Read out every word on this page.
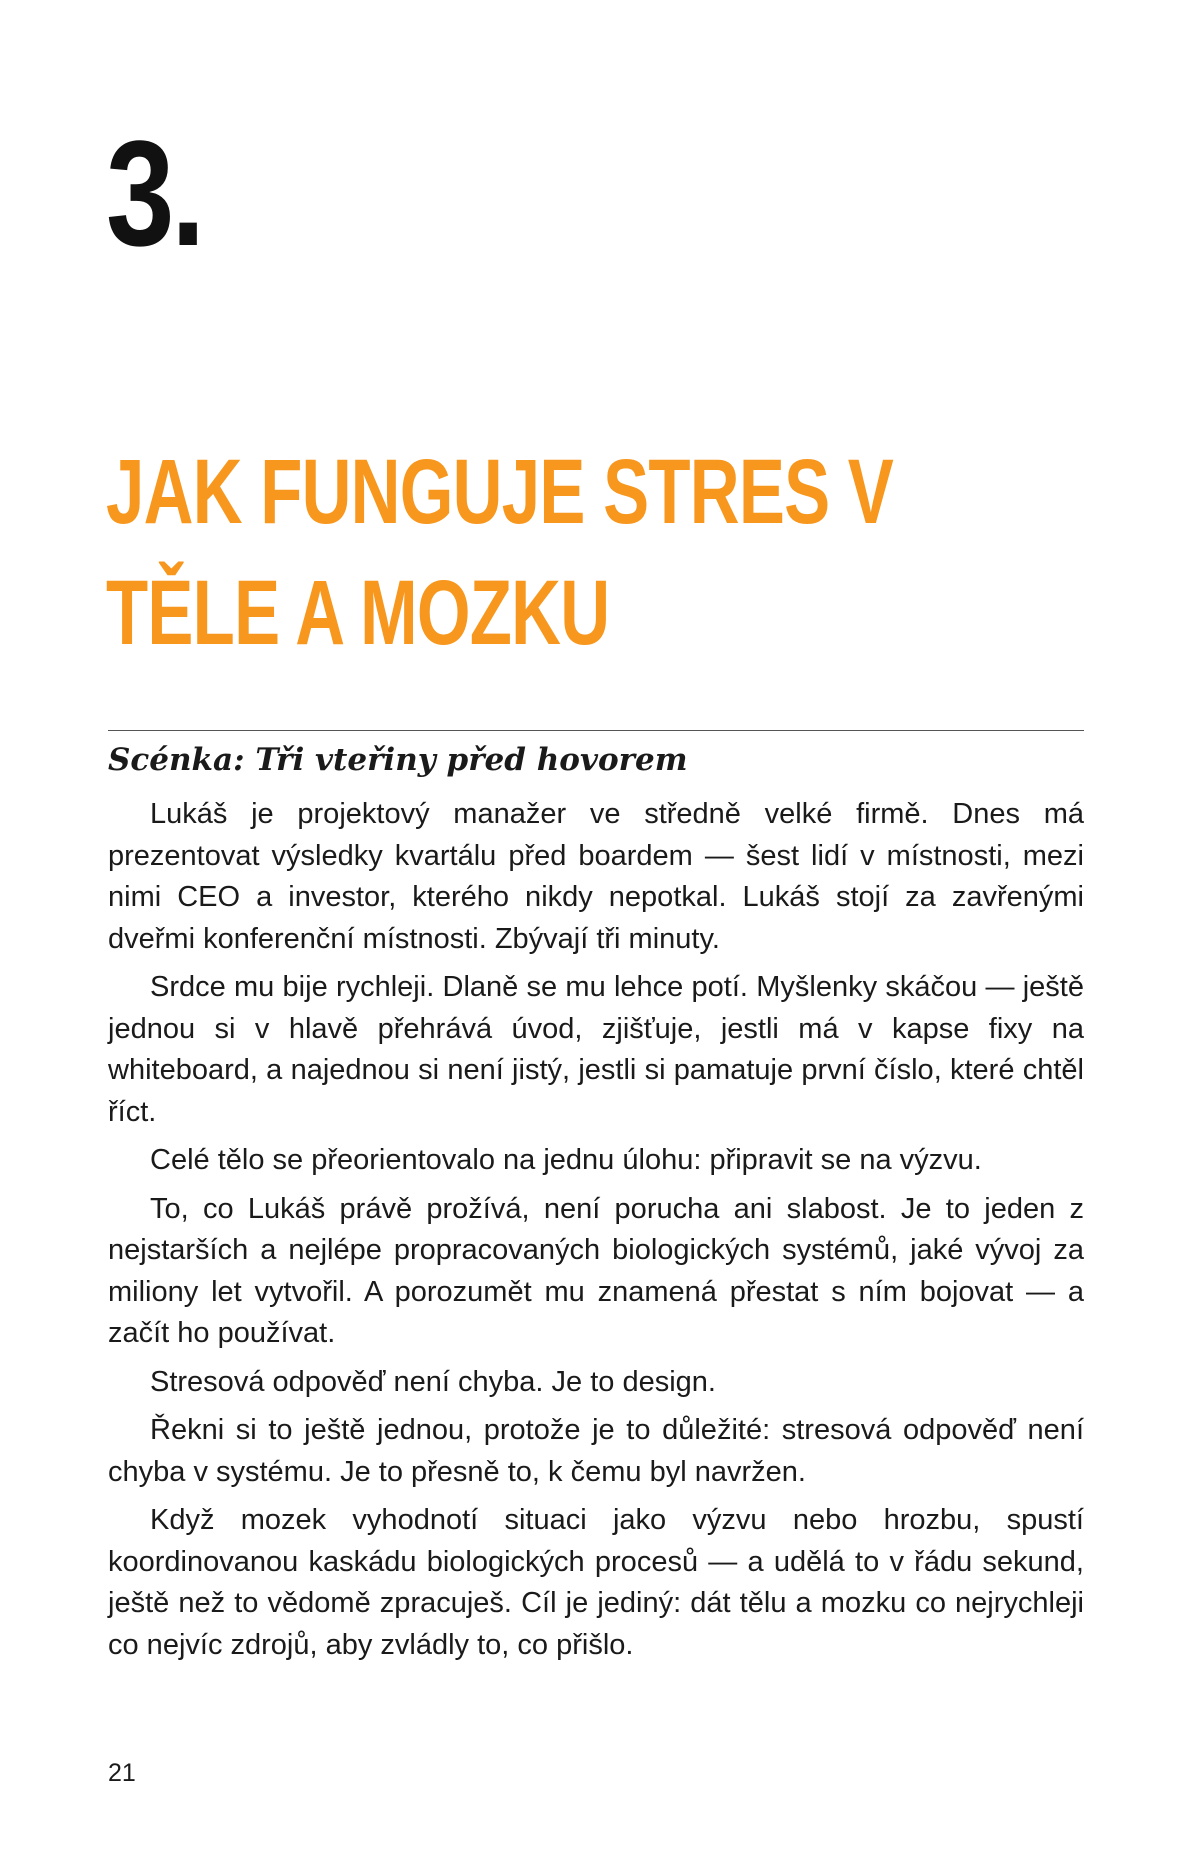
3.
JAK FUNGUJE STRES V
TĚLE A MOZKU
Scénka: Tři vteřiny před hovorem

Lukáš je projektový manažer ve středně velké firmě. Dnes má prezentovat výsledky kvartálu před boardem — šest lidí v místnosti, mezi nimi CEO a investor, kterého nikdy nepotkal. Lukáš stojí za zavřenými dveřmi konferenční místnosti. Zbývají tři minuty.

Srdce mu bije rychleji. Dlaně se mu lehce potí. Myšlenky skáčou — ještě jednou si v hlavě přehrává úvod, zjišťuje, jestli má v kapse fixy na whiteboard, a najednou si není jistý, jestli si pamatuje první číslo, které chtěl říct.

Celé tělo se přeorientovalo na jednu úlohu: připravit se na výzvu.

To, co Lukáš právě prožívá, není porucha ani slabost. Je to jeden z nejstarších a nejlépe propracovaných biologických systémů, jaké vývoj za miliony let vytvořil. A porozumět mu znamená přestat s ním bojovat — a začít ho používat.

Stresová odpověď není chyba. Je to design.

Řekni si to ještě jednou, protože je to důležité: stresová odpověď není chyba v systému. Je to přesně to, k čemu byl navržen.

Když mozek vyhodnotí situaci jako výzvu nebo hrozbu, spustí koordinovanou kaskádu biologických procesů — a udělá to v řádu sekund, ještě než to vědomě zpracuješ. Cíl je jediný: dát tělu a mozku co nejrychleji co nejvíc zdrojů, aby zvládly to, co přišlo.

21
